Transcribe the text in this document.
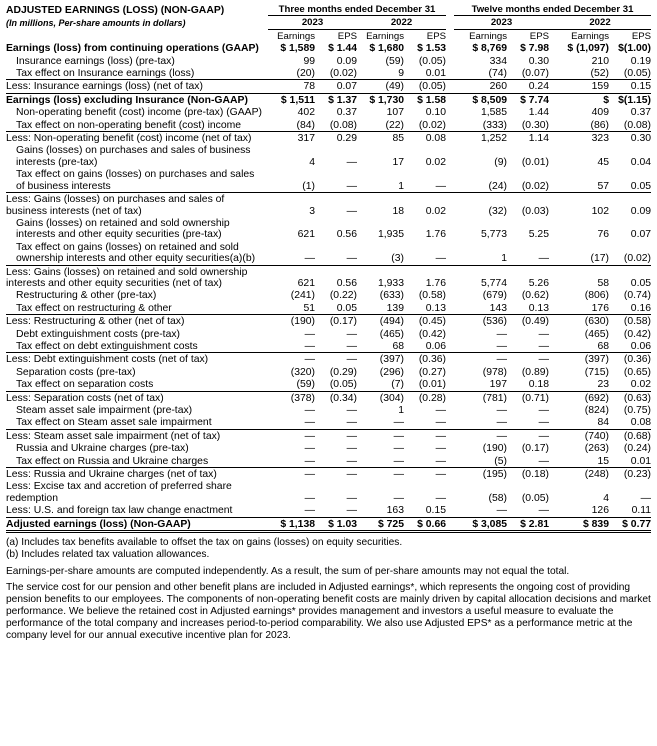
ADJUSTED EARNINGS (LOSS) (NON-GAAP)	Three months ended December 31					Twelve months ended December 31			
(In millions, Per-share amounts in dollars)	2023		2022			2023		2022	
	Earnings	EPS	Earnings	EPS		Earnings	EPS	Earnings	EPS
Earnings (loss) from continuing operations (GAAP)	$ 1,589	$ 1.44	$ 1,680	$ 1.53		$ 8,769	$ 7.98	$ (1,097)	$(1.00)
Insurance earnings (loss) (pre-tax)	99	0.09	(59)	(0.05)		334	0.30	210	0.19
Tax effect on Insurance earnings (loss)	(20)	(0.02)	9	0.01		(74)	(0.07)	(52)	(0.05)
Less: Insurance earnings (loss) (net of tax)	78	0.07	(49)	(0.05)		260	0.24	159	0.15
Earnings (loss) excluding Insurance (Non-GAAP)	$ 1,511	$ 1.37	$ 1,730	$ 1.58		$ 8,509	$ 7.74	$	$(1.15)
Non-operating benefit (cost) income (pre-tax) (GAAP)	402	0.37	107	0.10		1,585	1.44	409	0.37
Tax effect on non-operating benefit (cost) income	(84)	(0.08)	(22)	(0.02)		(333)	(0.30)	(86)	(0.08)
Less: Non-operating benefit (cost) income (net of tax)	317	0.29	85	0.08		1,252	1.14	323	0.30
Gains (losses) on purchases and sales of business interests (pre-tax)	4	—	17	0.02		(9)	(0.01)	45	0.04
Tax effect on gains (losses) on purchases and sales of business interests	(1)	—	1	—		(24)	(0.02)	57	0.05
Less: Gains (losses) on purchases and sales of business interests (net of tax)	3	—	18	0.02		(32)	(0.03)	102	0.09
Gains (losses) on retained and sold ownership interests and other equity securities (pre-tax)	621	0.56	1,935	1.76		5,773	5.25	76	0.07
Tax effect on gains (losses) on retained and sold ownership interests and other equity securities(a)(b)	—	—	(3)	—		1	—	(17)	(0.02)
Less: Gains (losses) on retained and sold ownership interests and other equity securities (net of tax)	621	0.56	1,933	1.76		5,774	5.26	58	0.05
Restructuring & other (pre-tax)	(241)	(0.22)	(633)	(0.58)		(679)	(0.62)	(806)	(0.74)
Tax effect on restructuring & other	51	0.05	139	0.13		143	0.13	176	0.16
Less: Restructuring & other (net of tax)	(190)	(0.17)	(494)	(0.45)		(536)	(0.49)	(630)	(0.58)
Debt extinguishment costs (pre-tax)	—	—	(465)	(0.42)		—	—	(465)	(0.42)
Tax effect on debt extinguishment costs	—	—	68	0.06		—	—	68	0.06
Less: Debt extinguishment costs (net of tax)	—	—	(397)	(0.36)		—	—	(397)	(0.36)
Separation costs (pre-tax)	(320)	(0.29)	(296)	(0.27)		(978)	(0.89)	(715)	(0.65)
Tax effect on separation costs	(59)	(0.05)	(7)	(0.01)		197	0.18	23	0.02
Less: Separation costs (net of tax)	(378)	(0.34)	(304)	(0.28)		(781)	(0.71)	(692)	(0.63)
Steam asset sale impairment (pre-tax)	—	—	1	—		—	—	(824)	(0.75)
Tax effect on Steam asset sale impairment	—	—	—	—		—	—	84	0.08
Less: Steam asset sale impairment (net of tax)	—	—	—	—		—	—	(740)	(0.68)
Russia and Ukraine charges (pre-tax)	—	—	—	—		(190)	(0.17)	(263)	(0.24)
Tax effect on Russia and Ukraine charges	—	—	—	—		(5)	—	15	0.01
Less: Russia and Ukraine charges (net of tax)	—	—	—	—		(195)	(0.18)	(248)	(0.23)
Less: Excise tax and accretion of preferred share redemption	—	—	—	—		(58)	(0.05)	4	—
Less: U.S. and foreign tax law change enactment	—	—	163	0.15		—	—	126	0.11
Adjusted earnings (loss) (Non-GAAP)	$ 1,138	$ 1.03	$ 725	$ 0.66		$ 3,085	$ 2.81	$ 839	$ 0.77

(a) Includes tax benefits available to offset the tax on gains (losses) on equity securities.

(b) Includes related tax valuation allowances.

Earnings-per-share amounts are computed independently. As a result, the sum of per-share amounts may not equal the total.

The service cost for our pension and other benefit plans are included in Adjusted earnings*, which represents the ongoing cost of providing pension benefits to our employees. The components of non-operating benefit costs are mainly driven by capital allocation decisions and market performance. We believe the retained cost in Adjusted earnings* provides management and investors a useful measure to evaluate the performance of the total company and increases period-to-period comparability. We also use Adjusted EPS* as a performance metric at the company level for our annual executive incentive plan for 2023.
